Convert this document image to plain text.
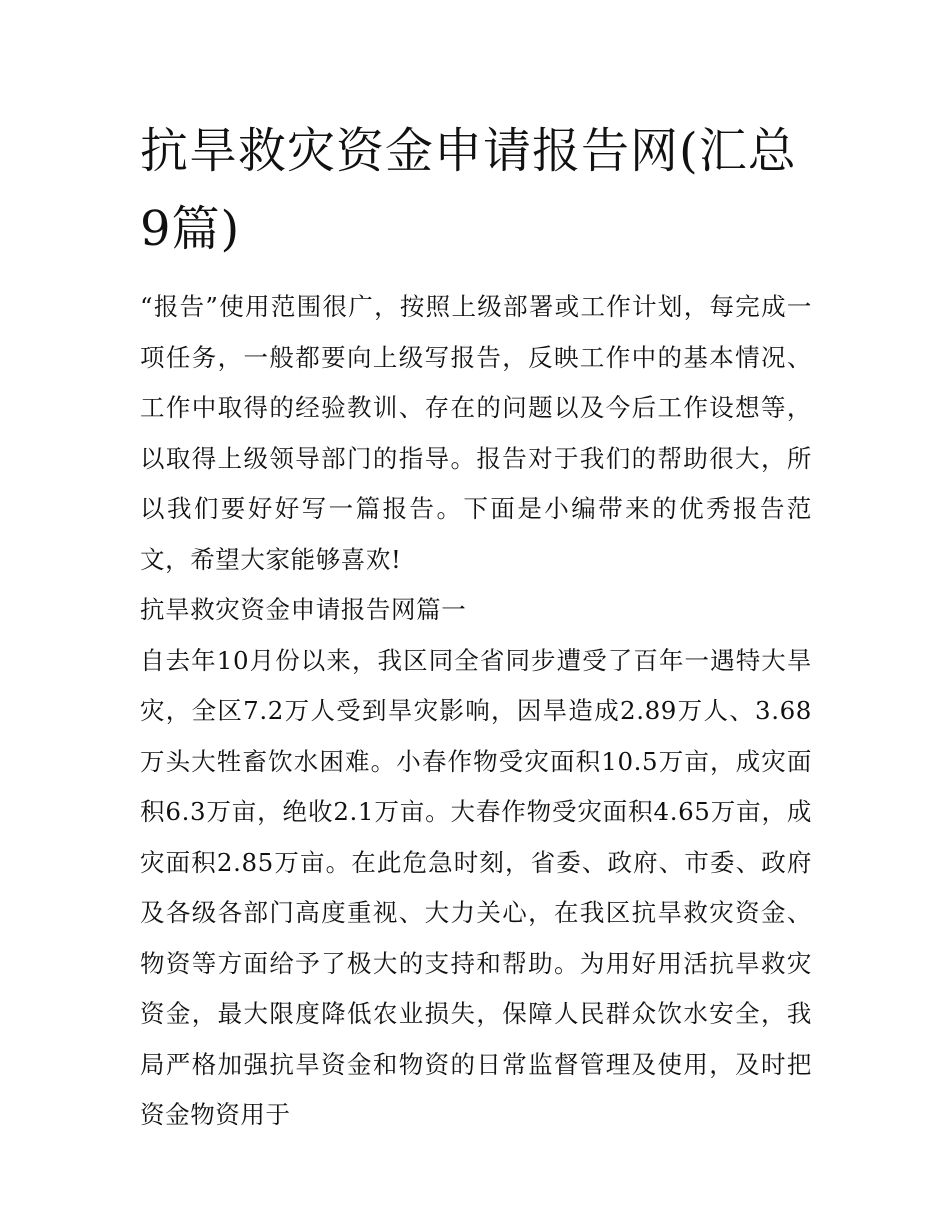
抗旱救灾资金申请报告网(汇总9篇)

“报告”使用范围很广，按照上级部署或工作计划，每完成一项任务，一般都要向上级写报告，反映工作中的基本情况、工作中取得的经验教训、存在的问题以及今后工作设想等，以取得上级领导部门的指导。报告对于我们的帮助很大，所以我们要好好写一篇报告。下面是小编带来的优秀报告范文，希望大家能够喜欢!

抗旱救灾资金申请报告网篇一

自去年10月份以来，我区同全省同步遭受了百年一遇特大旱灾，全区7.2万人受到旱灾影响，因旱造成2.89万人、3.68万头大牲畜饮水困难。小春作物受灾面积10.5万亩，成灾面积6.3万亩，绝收2.1万亩。大春作物受灾面积4.65万亩，成灾面积2.85万亩。在此危急时刻，省委、政府、市委、政府及各级各部门高度重视、大力关心，在我区抗旱救灾资金、物资等方面给予了极大的支持和帮助。为用好用活抗旱救灾资金，最大限度降低农业损失，保障人民群众饮水安全，我局严格加强抗旱资金和物资的日常监督管理及使用，及时把资金物资用于
